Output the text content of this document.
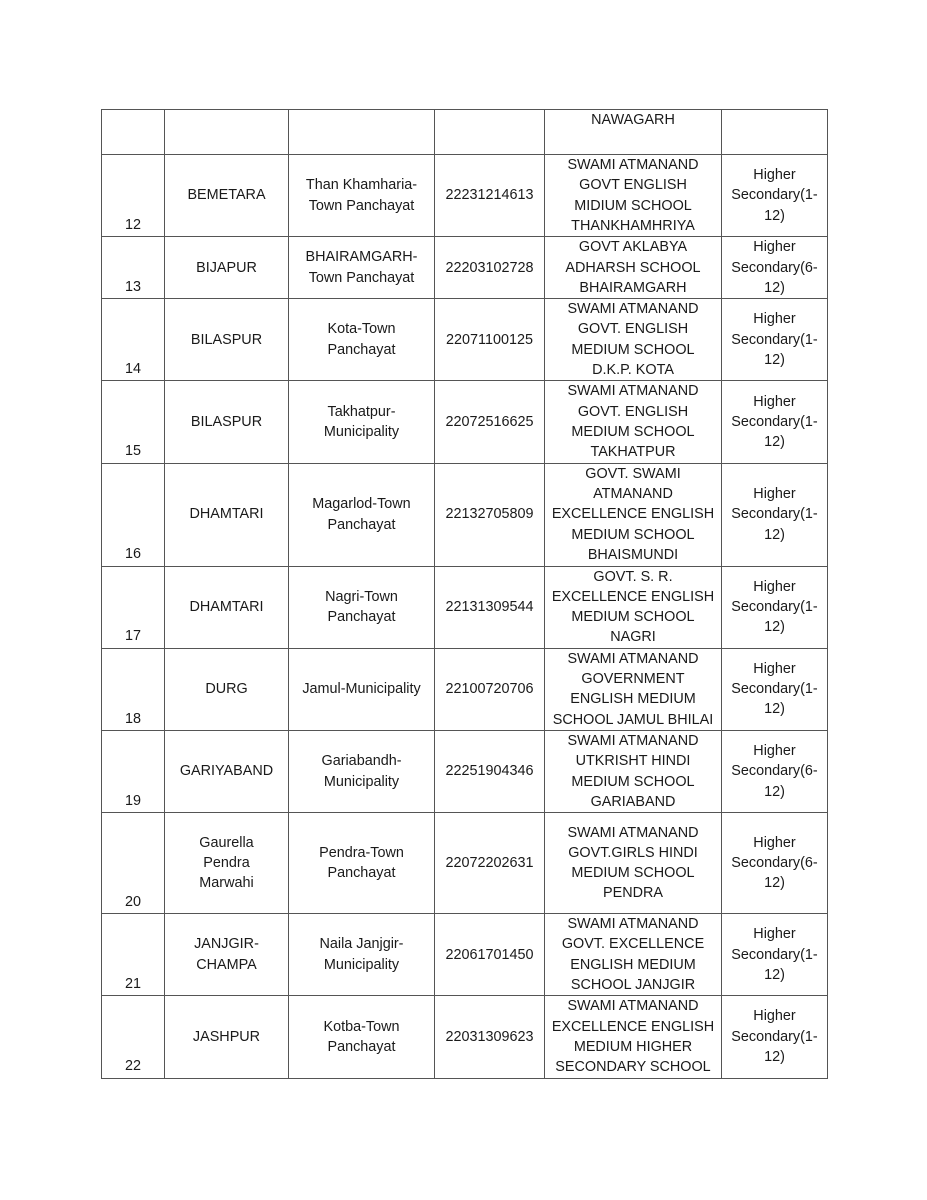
				NAWAGARH	

12	BEMETARA	Than Khamharia-
Town Panchayat	22231214613	SWAMI ATMANAND
GOVT ENGLISH
MIDIUM SCHOOL
THANKHAMHRIYA	Higher
Secondary(1-
12)

13	BIJAPUR	BHAIRAMGARH-
Town Panchayat	22203102728	GOVT AKLABYA
ADHARSH SCHOOL
BHAIRAMGARH	Higher
Secondary(6-
12)

14	BILASPUR	Kota-Town
Panchayat	22071100125	SWAMI ATMANAND
GOVT. ENGLISH
MEDIUM SCHOOL
D.K.P. KOTA	Higher
Secondary(1-
12)

15	BILASPUR	Takhatpur-
Municipality	22072516625	SWAMI ATMANAND
GOVT. ENGLISH
MEDIUM SCHOOL
TAKHATPUR	Higher
Secondary(1-
12)

16	DHAMTARI	Magarlod-Town
Panchayat	22132705809	GOVT. SWAMI
ATMANAND
EXCELLENCE ENGLISH
MEDIUM SCHOOL
BHAISMUNDI	Higher
Secondary(1-
12)

17	DHAMTARI	Nagri-Town
Panchayat	22131309544	GOVT. S. R.
EXCELLENCE ENGLISH
MEDIUM SCHOOL
NAGRI	Higher
Secondary(1-
12)

18	DURG	Jamul-Municipality	22100720706	SWAMI ATMANAND
GOVERNMENT
ENGLISH MEDIUM
SCHOOL JAMUL BHILAI	Higher
Secondary(1-
12)

19	GARIYABAND	Gariabandh-
Municipality	22251904346	SWAMI ATMANAND
UTKRISHT HINDI
MEDIUM SCHOOL
GARIABAND	Higher
Secondary(6-
12)

20	Gaurella
Pendra
Marwahi	Pendra-Town
Panchayat	22072202631	SWAMI ATMANAND
GOVT.GIRLS HINDI
MEDIUM SCHOOL
PENDRA	Higher
Secondary(6-
12)

21	JANJGIR-
CHAMPA	Naila Janjgir-
Municipality	22061701450	SWAMI ATMANAND
GOVT. EXCELLENCE
ENGLISH MEDIUM
SCHOOL JANJGIR	Higher
Secondary(1-
12)

22	JASHPUR	Kotba-Town
Panchayat	22031309623	SWAMI ATMANAND
EXCELLENCE ENGLISH
MEDIUM HIGHER
SECONDARY SCHOOL	Higher
Secondary(1-
12)
